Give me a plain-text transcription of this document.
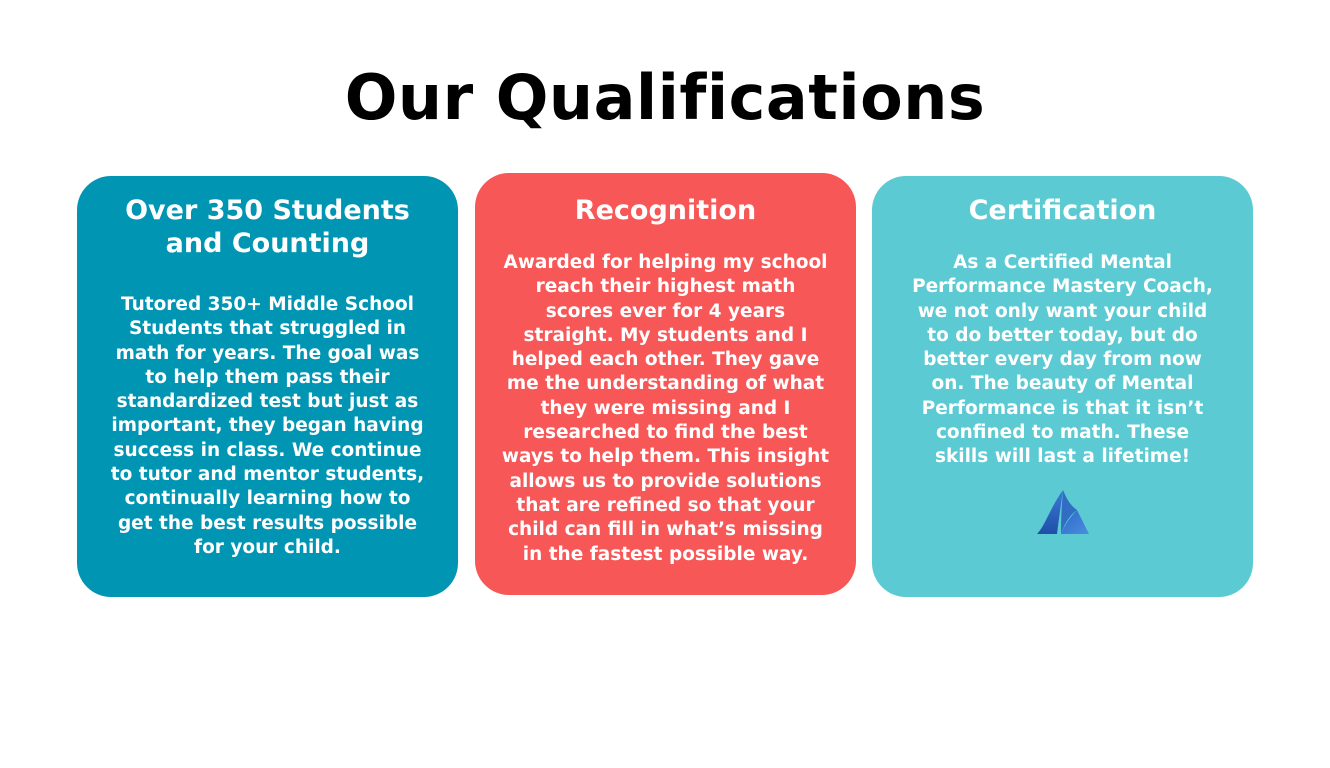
Our Qualifications
Over 350 Students
and Counting
Tutored 350+ Middle School
Students that struggled in
math for years. The goal was
to help them pass their
standardized test but just as
important, they began having
success in class. We continue
to tutor and mentor students,
continually learning how to
get the best results possible
for your child.
Recognition
Awarded for helping my school
reach their highest math
scores ever for 4 years
straight. My students and I
helped each other. They gave
me the understanding of what
they were missing and I
researched to find the best
ways to help them. This insight
allows us to provide solutions
that are refined so that your
child can fill in what’s missing
in the fastest possible way.
Certification
As a Certified Mental
Performance Mastery Coach,
we not only want your child
to do better today, but do
better every day from now
on. The beauty of Mental
Performance is that it isn’t
confined to math. These
skills will last a lifetime!
